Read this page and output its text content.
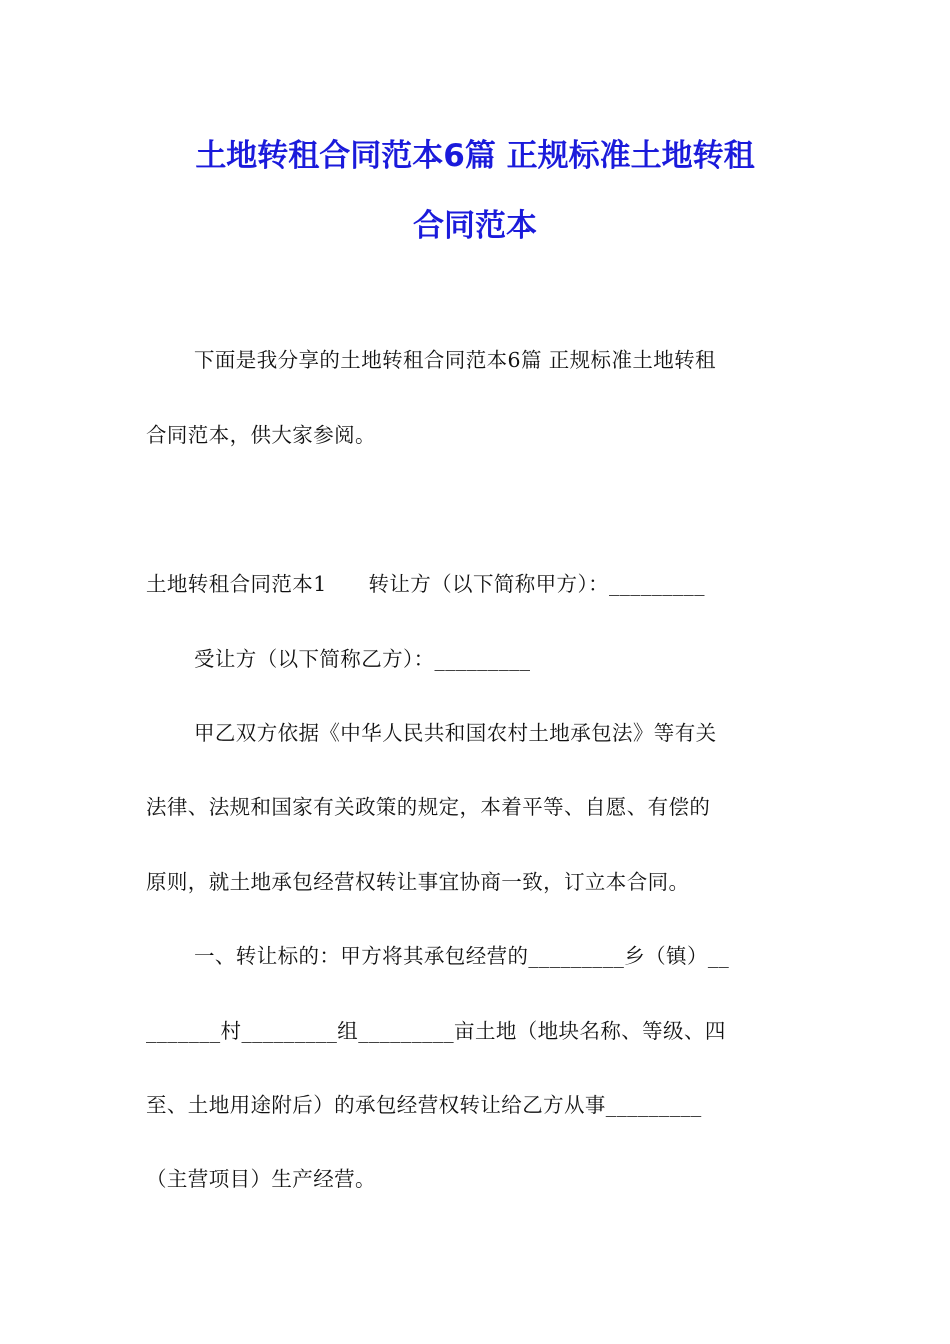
土地转租合同范本6篇 正规标准土地转租
合同范本
下面是我分享的土地转租合同范本6篇 正规标准土地转租
合同范本，供大家参阅。
土地转租合同范本1　　转让方（以下简称甲方）：_________
受让方（以下简称乙方）：_________
甲乙双方依据《中华人民共和国农村土地承包法》等有关
法律、法规和国家有关政策的规定，本着平等、自愿、有偿的
原则，就土地承包经营权转让事宜协商一致，订立本合同。
一、转让标的：甲方将其承包经营的_________乡（镇）__
_______村_________组_________亩土地（地块名称、等级、四
至、土地用途附后）的承包经营权转让给乙方从事_________
（主营项目）生产经营。
